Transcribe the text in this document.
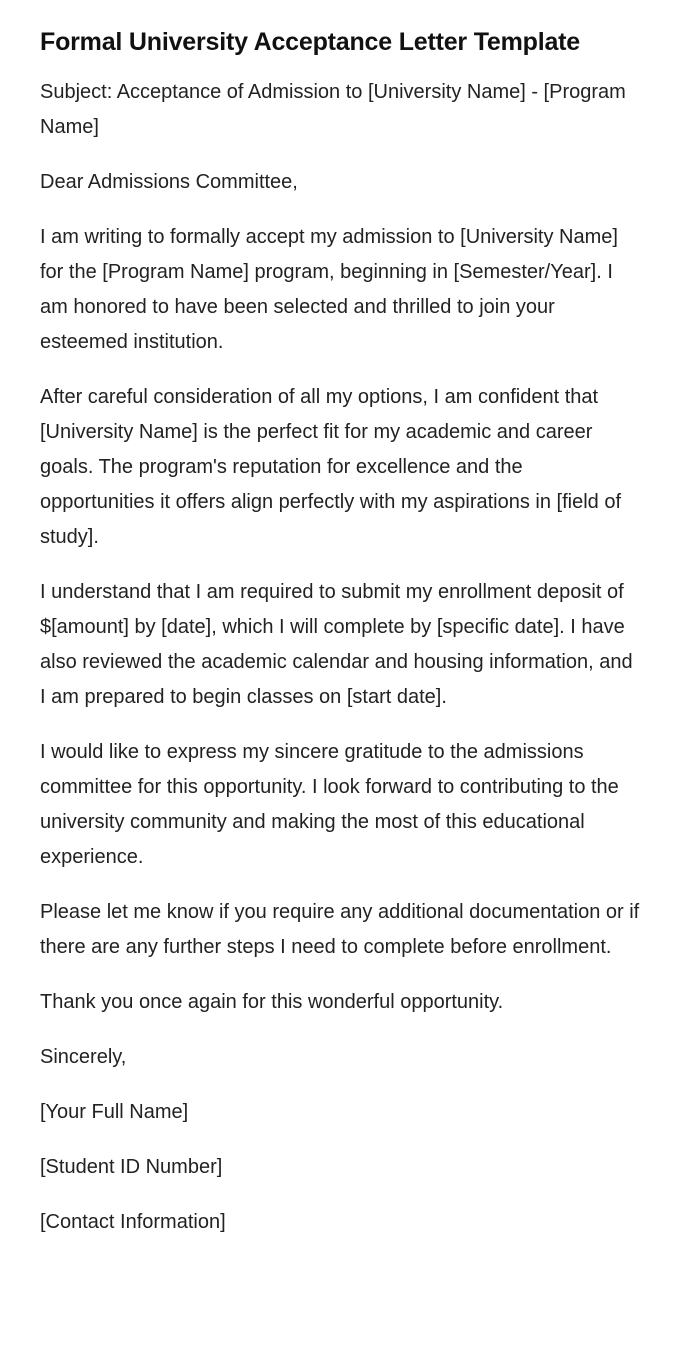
Formal University Acceptance Letter Template

Subject: Acceptance of Admission to [University Name] - [Program Name]

Dear Admissions Committee,

I am writing to formally accept my admission to [University Name] for the [Program Name] program, beginning in [Semester/Year]. I am honored to have been selected and thrilled to join your esteemed institution.

After careful consideration of all my options, I am confident that [University Name] is the perfect fit for my academic and career goals. The program's reputation for excellence and the opportunities it offers align perfectly with my aspirations in [field of study].

I understand that I am required to submit my enrollment deposit of $[amount] by [date], which I will complete by [specific date]. I have also reviewed the academic calendar and housing information, and I am prepared to begin classes on [start date].

I would like to express my sincere gratitude to the admissions committee for this opportunity. I look forward to contributing to the university community and making the most of this educational experience.

Please let me know if you require any additional documentation or if there are any further steps I need to complete before enrollment.

Thank you once again for this wonderful opportunity.

Sincerely,

[Your Full Name]

[Student ID Number]

[Contact Information]
